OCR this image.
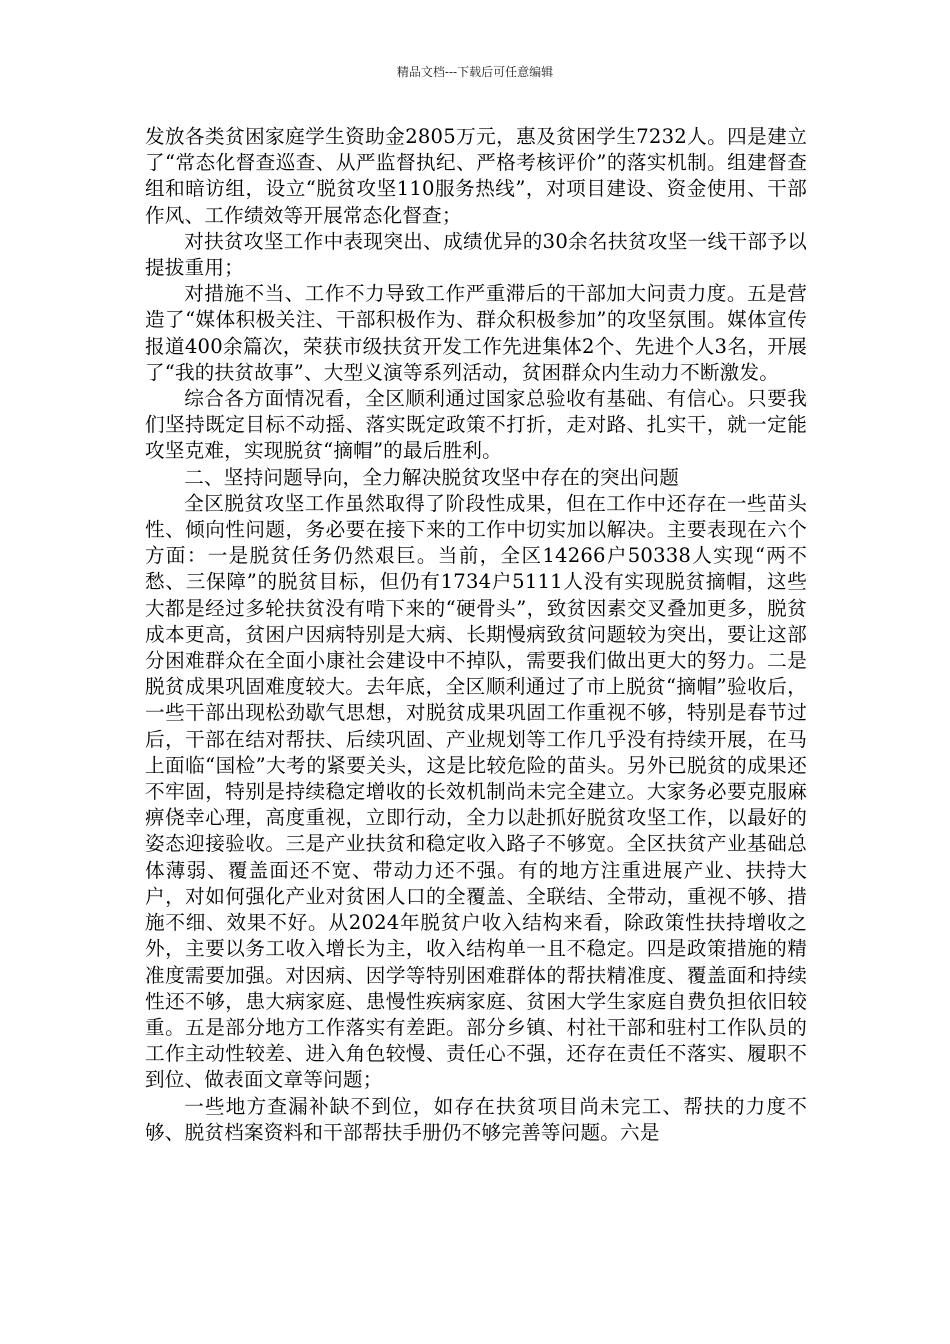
精品文档---下载后可任意编辑

发放各类贫困家庭学生资助金2805万元，惠及贫困学生7232人。四是建立了“常态化督查巡查、从严监督执纪、严格考核评价”的落实机制。组建督查组和暗访组，设立“脱贫攻坚110服务热线”，对项目建设、资金使用、干部作风、工作绩效等开展常态化督查；

对扶贫攻坚工作中表现突出、成绩优异的30余名扶贫攻坚一线干部予以提拔重用；

对措施不当、工作不力导致工作严重滞后的干部加大问责力度。五是营造了“媒体积极关注、干部积极作为、群众积极参加”的攻坚氛围。媒体宣传报道400余篇次，荣获市级扶贫开发工作先进集体2个、先进个人3名，开展了“我的扶贫故事”、大型义演等系列活动，贫困群众内生动力不断激发。

综合各方面情况看，全区顺利通过国家总验收有基础、有信心。只要我们坚持既定目标不动摇、落实既定政策不打折，走对路、扎实干，就一定能攻坚克难，实现脱贫“摘帽”的最后胜利。

二、坚持问题导向，全力解决脱贫攻坚中存在的突出问题

全区脱贫攻坚工作虽然取得了阶段性成果，但在工作中还存在一些苗头性、倾向性问题，务必要在接下来的工作中切实加以解决。主要表现在六个方面：一是脱贫任务仍然艰巨。当前，全区14266户50338人实现“两不愁、三保障”的脱贫目标，但仍有1734户5111人没有实现脱贫摘帽，这些大都是经过多轮扶贫没有啃下来的“硬骨头”，致贫因素交叉叠加更多，脱贫成本更高，贫困户因病特别是大病、长期慢病致贫问题较为突出，要让这部分困难群众在全面小康社会建设中不掉队，需要我们做出更大的努力。二是脱贫成果巩固难度较大。去年底，全区顺利通过了市上脱贫“摘帽”验收后，一些干部出现松劲歇气思想，对脱贫成果巩固工作重视不够，特别是春节过后，干部在结对帮扶、后续巩固、产业规划等工作几乎没有持续开展，在马上面临“国检”大考的紧要关头，这是比较危险的苗头。另外已脱贫的成果还不牢固，特别是持续稳定增收的长效机制尚未完全建立。大家务必要克服麻痹侥幸心理，高度重视，立即行动，全力以赴抓好脱贫攻坚工作，以最好的姿态迎接验收。三是产业扶贫和稳定收入路子不够宽。全区扶贫产业基础总体薄弱、覆盖面还不宽、带动力还不强。有的地方注重进展产业、扶持大户，对如何强化产业对贫困人口的全覆盖、全联结、全带动，重视不够、措施不细、效果不好。从2024年脱贫户收入结构来看，除政策性扶持增收之外，主要以务工收入增长为主，收入结构单一且不稳定。四是政策措施的精准度需要加强。对因病、因学等特别困难群体的帮扶精准度、覆盖面和持续性还不够，患大病家庭、患慢性疾病家庭、贫困大学生家庭自费负担依旧较重。五是部分地方工作落实有差距。部分乡镇、村社干部和驻村工作队员的工作主动性较差、进入角色较慢、责任心不强，还存在责任不落实、履职不到位、做表面文章等问题；

一些地方查漏补缺不到位，如存在扶贫项目尚未完工、帮扶的力度不够、脱贫档案资料和干部帮扶手册仍不够完善等问题。六是
